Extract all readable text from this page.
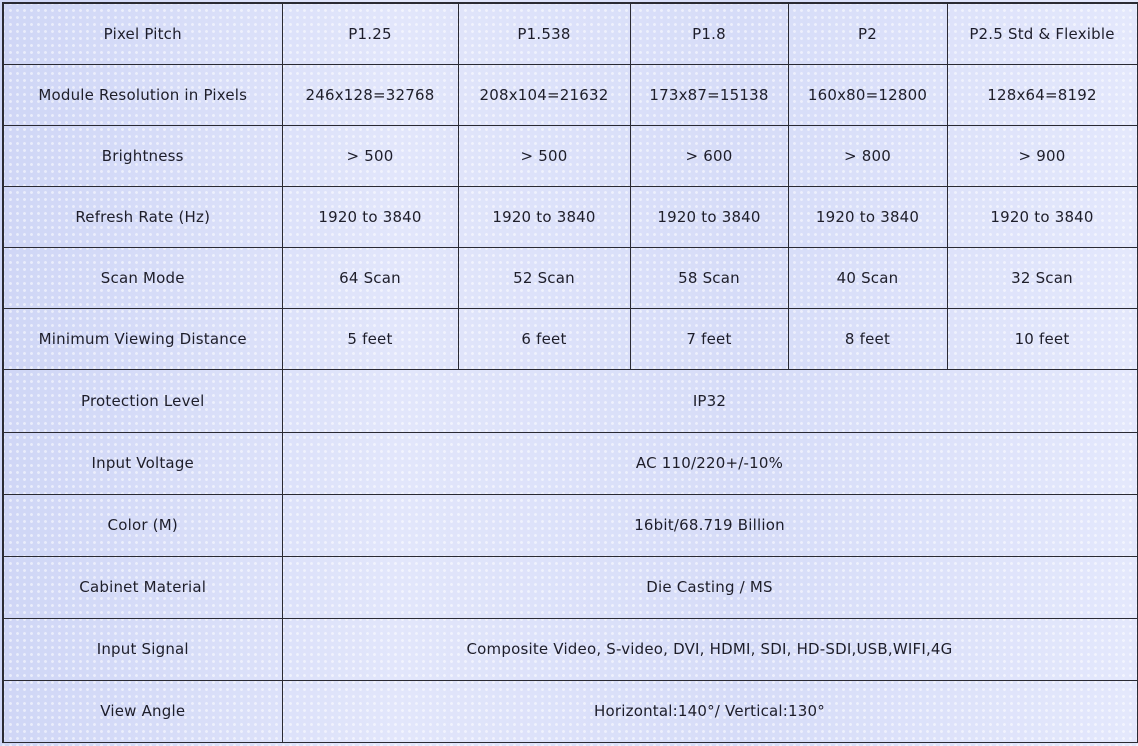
Pixel Pitch	P1.25	P1.538	P1.8	P2	P2.5 Std & Flexible
Module Resolution in Pixels	246x128=32768	208x104=21632	173x87=15138	160x80=12800	128x64=8192
Brightness	> 500	> 500	> 600	> 800	> 900
Refresh Rate (Hz)	1920 to 3840	1920 to 3840	1920 to 3840	1920 to 3840	1920 to 3840
Scan Mode	64 Scan	52 Scan	58 Scan	40 Scan	32 Scan
Minimum Viewing Distance	5 feet	6 feet	7 feet	8 feet	10 feet
Protection Level	IP32				
Input Voltage	AC 110/220+/-10%				
Color (M)	16bit/68.719 Billion				
Cabinet Material	Die Casting / MS				
Input Signal	Composite Video, S-video, DVI, HDMI, SDI, HD-SDI,USB,WIFI,4G				
View Angle	Horizontal:140°/ Vertical:130°				
